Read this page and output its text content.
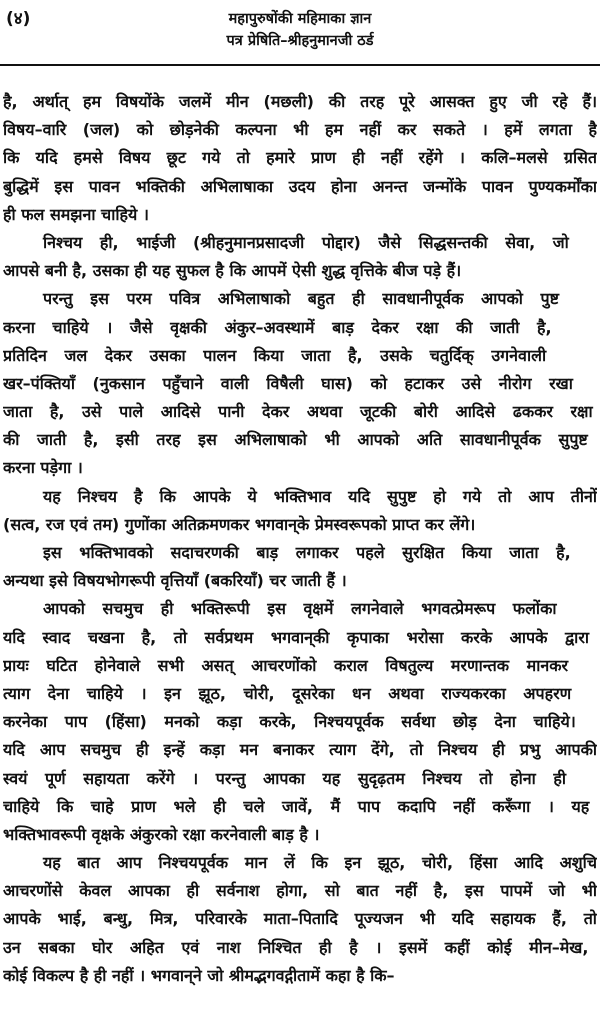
(४)	महापुरुषोंकी महिमाका ज्ञान
पत्र प्रेषिति–श्रीहनुमानजी ठर्ड
है, अर्थात् हम विषयोंके जलमें मीन (मछली) की तरह पूरे आसक्त हुए जी रहे हैं।
विषय–वारि (जल) को छोड़नेकी कल्पना भी हम नहीं कर सकते । हमें लगता है
कि यदि हमसे विषय छूट गये तो हमारे प्राण ही नहीं रहेंगे । कलि–मलसे ग्रसित
बुद्धिमें इस पावन भक्तिकी अभिलाषाका उदय होना अनन्त जन्मोंके पावन पुण्यकर्मोंका
ही फल समझना चाहिये ।
निश्चय ही, भाईजी (श्रीहनुमानप्रसादजी पोद्दार) जैसे सिद्धसन्तकी सेवा, जो
आपसे बनी है, उसका ही यह सुफल है कि आपमें ऐसी शुद्ध वृत्तिके बीज पड़े हैं।
परन्तु इस परम पवित्र अभिलाषाको बहुत ही सावधानीपूर्वक आपको पुष्ट
करना चाहिये । जैसे वृक्षकी अंकुर–अवस्थामें बाड़ देकर रक्षा की जाती है,
प्रतिदिन जल देकर उसका पालन किया जाता है, उसके चतुर्दिक् उगनेवाली
खर–पंक्तियाँ (नुकसान पहुँचाने वाली विषैली घास) को हटाकर उसे नीरोग रखा
जाता है, उसे पाले आदिसे पानी देकर अथवा जूटकी बोरी आदिसे ढककर रक्षा
की जाती है, इसी तरह इस अभिलाषाको भी आपको अति सावधानीपूर्वक सुपुष्ट
करना पड़ेगा ।
यह निश्चय है कि आपके ये भक्तिभाव यदि सुपुष्ट हो गये तो आप तीनों
(सत्व, रज एवं तम) गुणोंका अतिक्रमणकर भगवान्‌के प्रेमस्वरूपको प्राप्त कर लेंगे।
इस भक्तिभावको सदाचरणकी बाड़ लगाकर पहले सुरक्षित किया जाता है,
अन्यथा इसे विषयभोगरूपी वृत्तियाँ (बकरियाँ) चर जाती हैं ।
आपको सचमुच ही भक्तिरूपी इस वृक्षमें लगनेवाले भगवत्प्रेमरूप फलोंका
यदि स्वाद चखना है, तो सर्वप्रथम भगवान्‌की कृपाका भरोसा करके आपके द्वारा
प्रायः घटित होनेवाले सभी असत् आचरणोंको कराल विषतुल्य मरणान्तक मानकर
त्याग देना चाहिये । इन झूठ, चोरी, दूसरेका धन अथवा राज्यकरका अपहरण
करनेका पाप (हिंसा) मनको कड़ा करके, निश्चयपूर्वक सर्वथा छोड़ देना चाहिये।
यदि आप सचमुच ही इन्हें कड़ा मन बनाकर त्याग देंगे, तो निश्चय ही प्रभु आपकी
स्वयं पूर्ण सहायता करेंगे । परन्तु आपका यह सुदृढ़तम निश्चय तो होना ही
चाहिये कि चाहे प्राण भले ही चले जावें, मैं पाप कदापि नहीं करूँगा । यह
भक्तिभावरूपी वृक्षके अंकुरको रक्षा करनेवाली बाड़ है ।
यह बात आप निश्चयपूर्वक मान लें कि इन झूठ, चोरी, हिंसा आदि अशुचि
आचरणोंसे केवल आपका ही सर्वनाश होगा, सो बात नहीं है, इस पापमें जो भी
आपके भाई, बन्धु, मित्र, परिवारके माता–पितादि पूज्यजन भी यदि सहायक हैं, तो
उन सबका घोर अहित एवं नाश निश्चित ही है । इसमें कहीं कोई मीन–मेख,
कोई विकल्प है ही नहीं । भगवान्‌ने जो श्रीमद्भगवद्गीतामें कहा है कि–
